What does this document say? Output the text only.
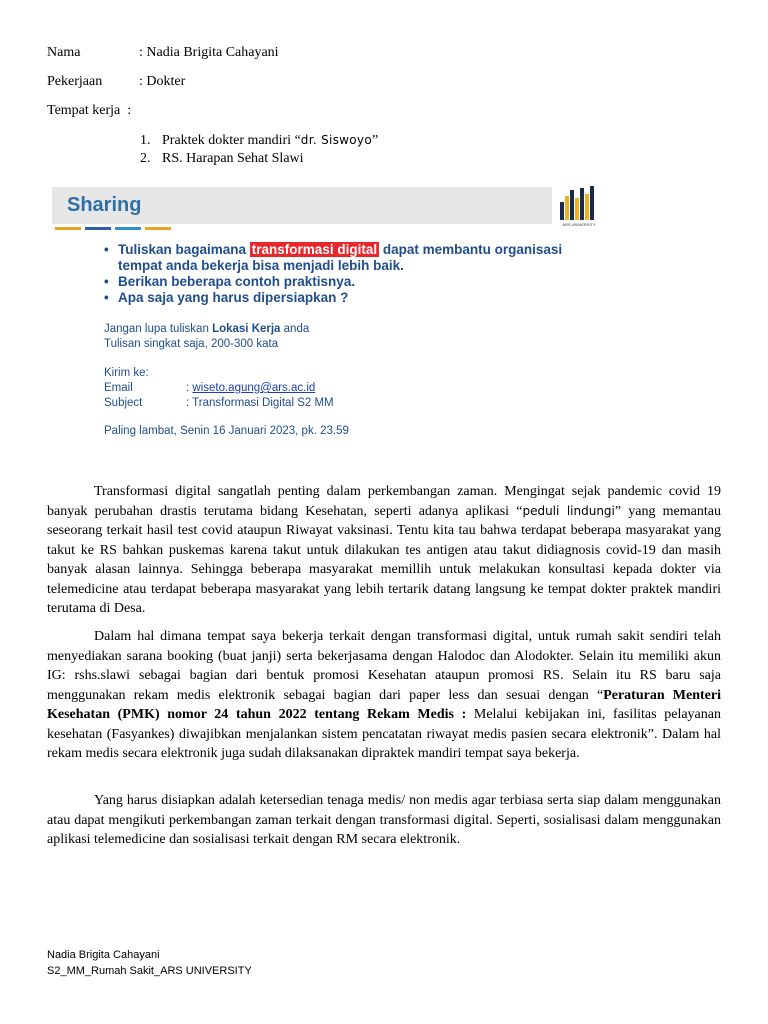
Nama	: Nadia Brigita Cahayani
Pekerjaan	: Dokter
Tempat kerja :
1. Praktek dokter mandiri “dr. Siswoyo”
2. RS. Harapan Sehat Slawi
Sharing
ARS UNIVERSITY
• Tuliskan bagaimana transformasi digital dapat membantu organisasi tempat anda bekerja bisa menjadi lebih baik.
• Berikan beberapa contoh praktisnya.
• Apa saja yang harus dipersiapkan ?
Jangan lupa tuliskan Lokasi Kerja anda
Tulisan singkat saja, 200-300 kata
Kirim ke:
Email	: wiseto.agung@ars.ac.id
Subject	: Transformasi Digital S2 MM
Paling lambat, Senin 16 Januari 2023, pk. 23.59
Transformasi digital sangatlah penting dalam perkembangan zaman. Mengingat sejak pandemic covid 19 banyak perubahan drastis terutama bidang Kesehatan, seperti adanya aplikasi “peduli lindungi” yang memantau seseorang terkait hasil test covid ataupun Riwayat vaksinasi. Tentu kita tau bahwa terdapat beberapa masyarakat yang takut ke RS bahkan puskemas karena takut untuk dilakukan tes antigen atau takut didiagnosis covid-19 dan masih banyak alasan lainnya. Sehingga beberapa masyarakat memillih untuk melakukan konsultasi kepada dokter via telemedicine atau terdapat beberapa masyarakat yang lebih tertarik datang langsung ke tempat dokter praktek mandiri terutama di Desa.
Dalam hal dimana tempat saya bekerja terkait dengan transformasi digital, untuk rumah sakit sendiri telah menyediakan sarana booking (buat janji) serta bekerjasama dengan Halodoc dan Alodokter. Selain itu memiliki akun IG: rshs.slawi sebagai bagian dari bentuk promosi Kesehatan ataupun promosi RS. Selain itu RS baru saja menggunakan rekam medis elektronik sebagai bagian dari paper less dan sesuai dengan “Peraturan Menteri Kesehatan (PMK) nomor 24 tahun 2022 tentang Rekam Medis : Melalui kebijakan ini, fasilitas pelayanan kesehatan (Fasyankes) diwajibkan menjalankan sistem pencatatan riwayat medis pasien secara elektronik”. Dalam hal rekam medis secara elektronik juga sudah dilaksanakan dipraktek mandiri tempat saya bekerja.
Yang harus disiapkan adalah ketersedian tenaga medis/ non medis agar terbiasa serta siap dalam menggunakan atau dapat mengikuti perkembangan zaman terkait dengan transformasi digital. Seperti, sosialisasi dalam menggunakan aplikasi telemedicine dan sosialisasi terkait dengan RM secara elektronik.
Nadia Brigita Cahayani
S2_MM_Rumah Sakit_ARS UNIVERSITY
